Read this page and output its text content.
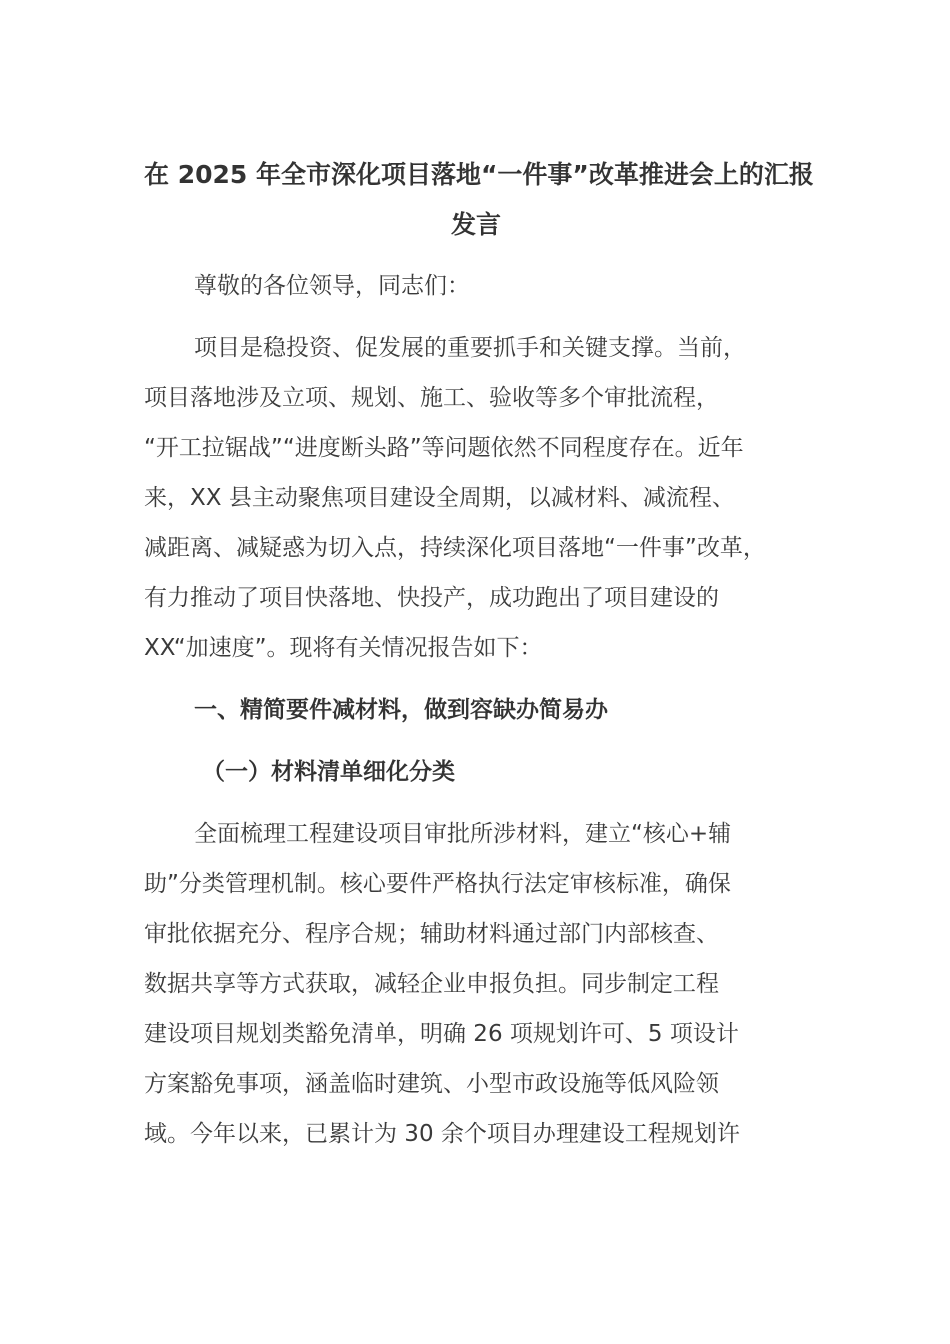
在 2025 年全市深化项目落地“一件事”改革推进会上的汇报
发言

尊敬的各位领导，同志们：

项目是稳投资、促发展的重要抓手和关键支撑。当前，
项目落地涉及立项、规划、施工、验收等多个审批流程，
“开工拉锯战”“进度断头路”等问题依然不同程度存在。近年
来，XX 县主动聚焦项目建设全周期，以减材料、减流程、
减距离、减疑惑为切入点，持续深化项目落地“一件事”改革，
有力推动了项目快落地、快投产，成功跑出了项目建设的
XX“加速度”。现将有关情况报告如下：

一、精简要件减材料，做到容缺办简易办

（一）材料清单细化分类

全面梳理工程建设项目审批所涉材料，建立“核心+辅
助”分类管理机制。核心要件严格执行法定审核标准，确保
审批依据充分、程序合规；辅助材料通过部门内部核查、
数据共享等方式获取，减轻企业申报负担。同步制定工程
建设项目规划类豁免清单，明确 26 项规划许可、5 项设计
方案豁免事项，涵盖临时建筑、小型市政设施等低风险领
域。今年以来，已累计为 30 余个项目办理建设工程规划许
